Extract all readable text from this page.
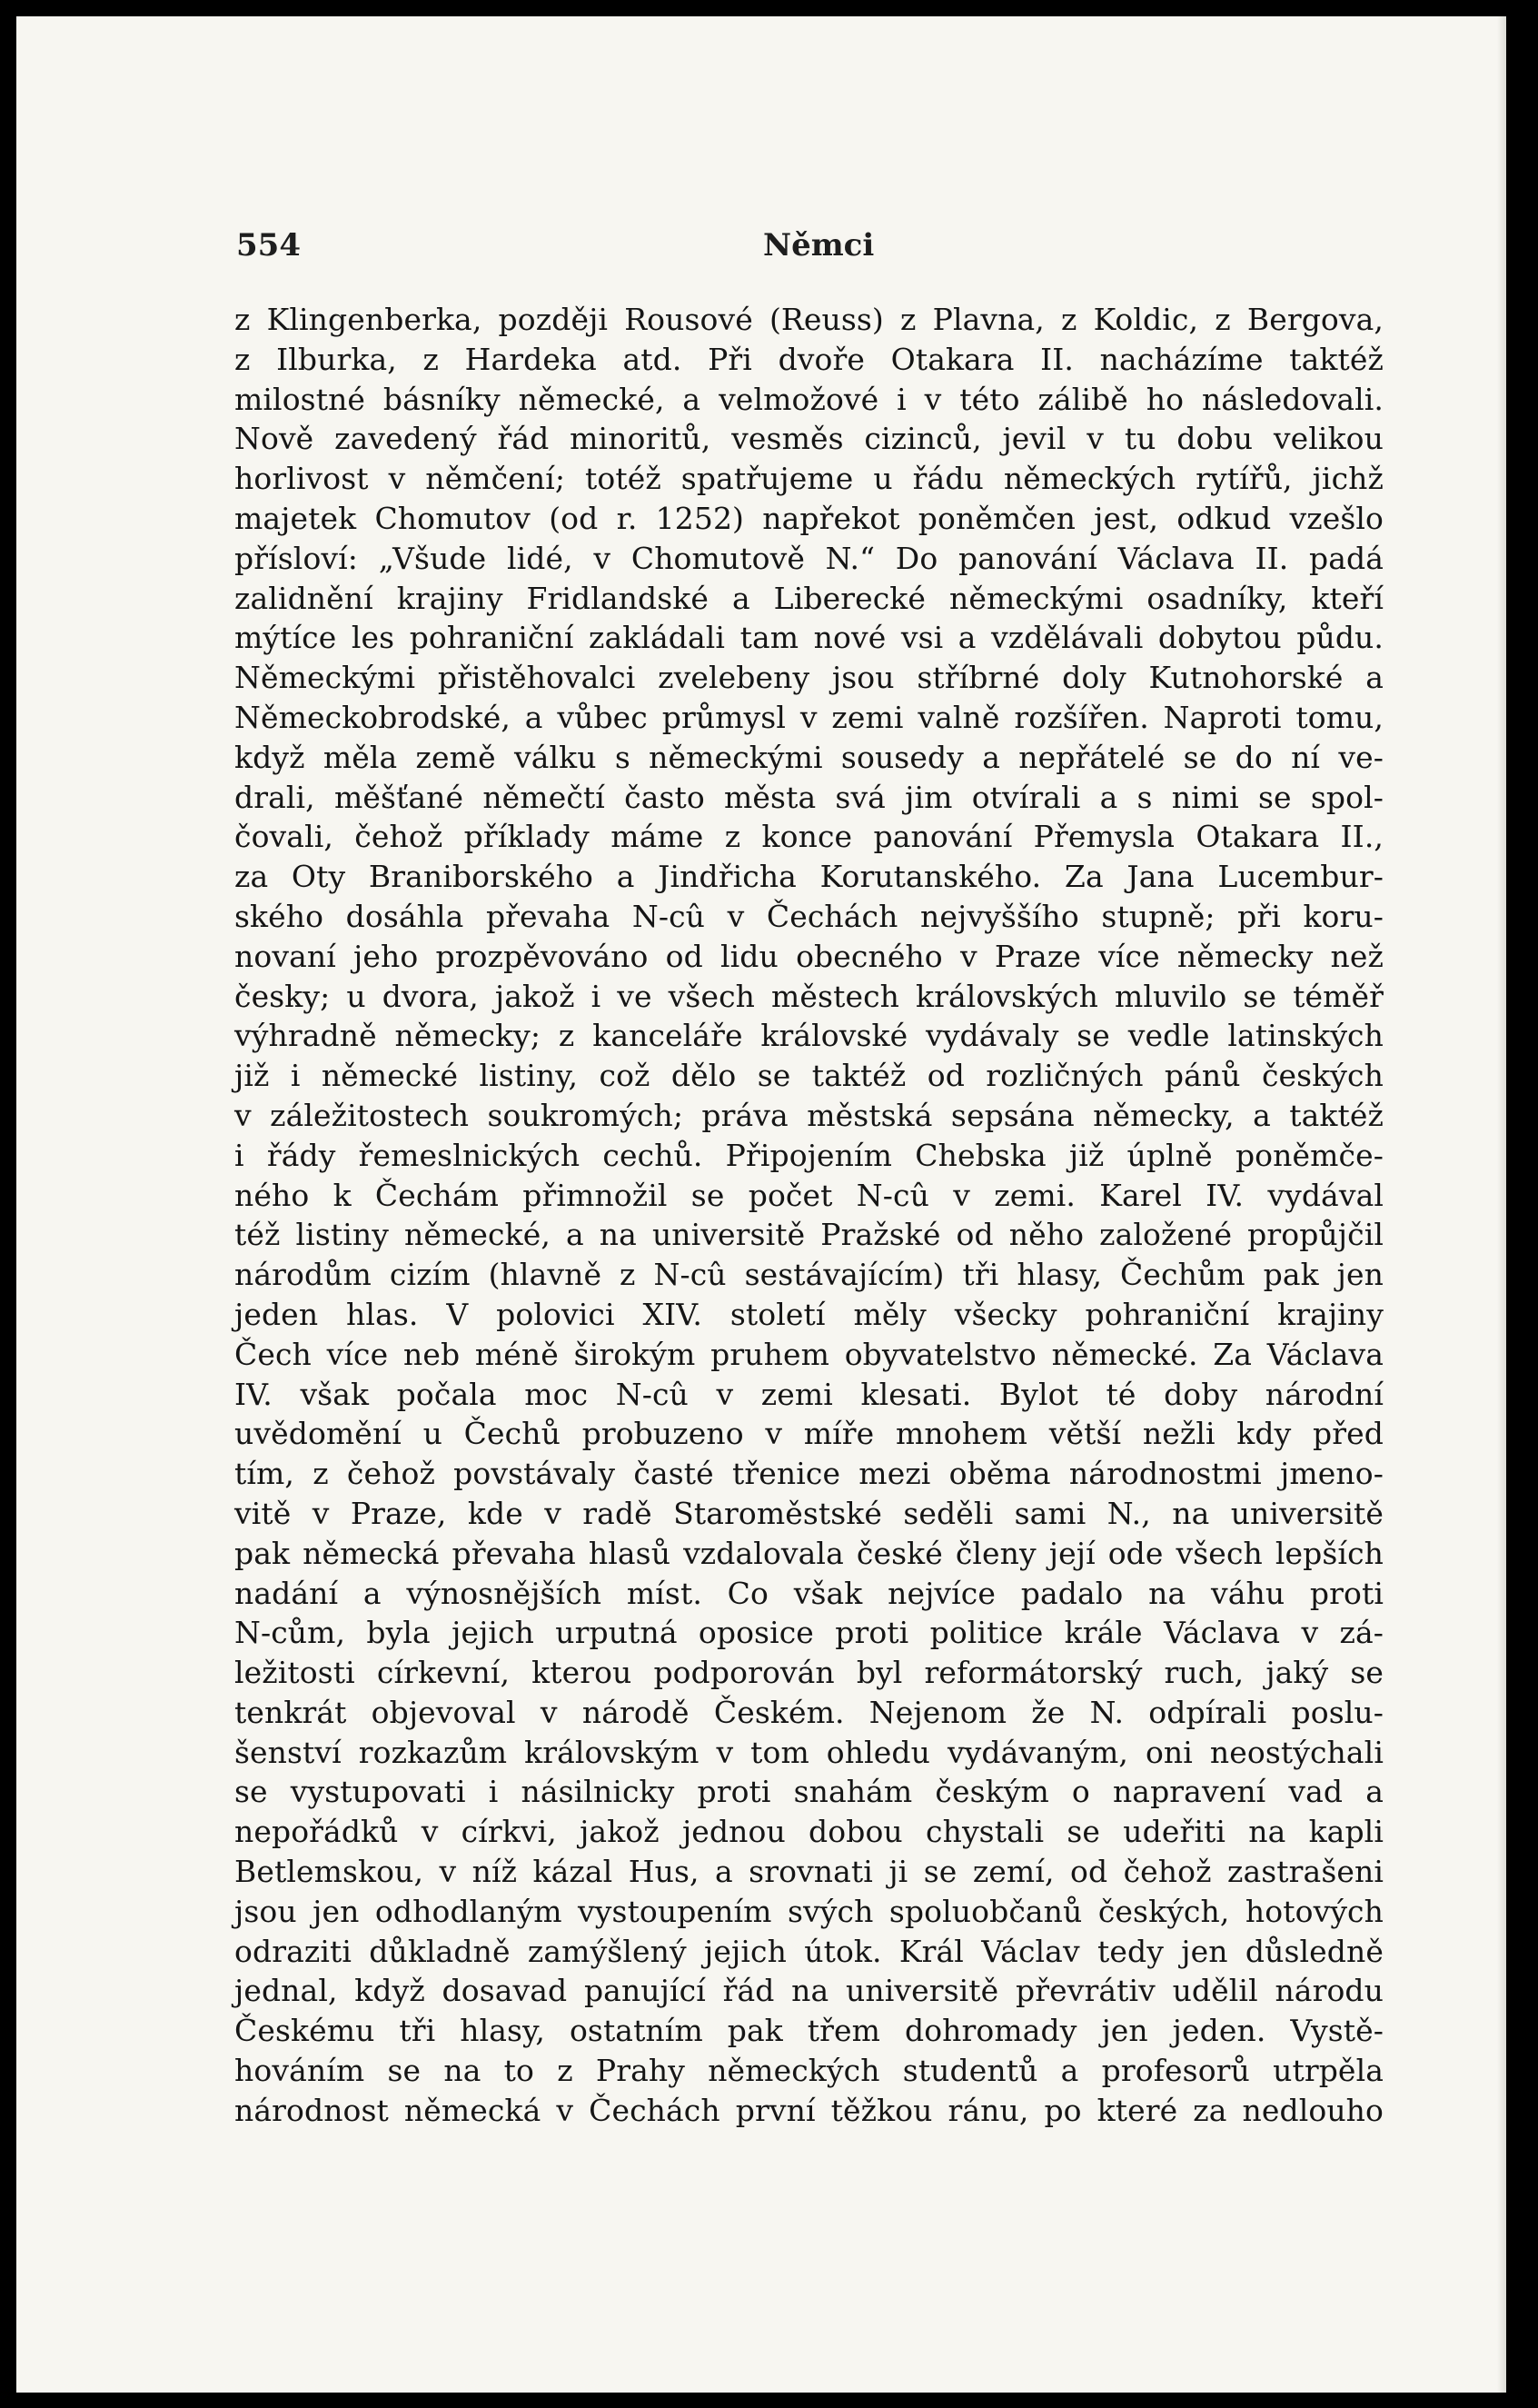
554	Němci
z Klingenberka, později Rousové (Reuss) z Plavna, z Koldic, z Bergova,
z Ilburka, z Hardeka atd. Při dvoře Otakara II. nacházíme taktéž
milostné básníky německé, a velmožové i v této zálibě ho následovali.
Nově zavedený řád minoritů, vesměs cizinců, jevil v tu dobu velikou
horlivost v němčení; totéž spatřujeme u řádu německých rytířů, jichž
majetek Chomutov (od r. 1252) napřekot poněmčen jest, odkud vzešlo
přísloví: „Všude lidé, v Chomutově N.“ Do panování Václava II. padá
zalidnění krajiny Fridlandské a Liberecké německými osadníky, kteří
mýtíce les pohraniční zakládali tam nové vsi a vzdělávali dobytou půdu.
Německými přistěhovalci zvelebeny jsou stříbrné doly Kutnohorské a
Německobrodské, a vůbec průmysl v zemi valně rozšířen. Naproti tomu,
když měla země válku s německými sousedy a nepřátelé se do ní ve-
drali, měšťané němečtí často města svá jim otvírali a s nimi se spol-
čovali, čehož příklady máme z konce panování Přemysla Otakara II.,
za Oty Braniborského a Jindřicha Korutanského. Za Jana Lucembur-
ského dosáhla převaha N-cû v Čechách nejvyššího stupně; při koru-
novaní jeho prozpěvováno od lidu obecného v Praze více německy než
česky; u dvora, jakož i ve všech městech královských mluvilo se téměř
výhradně německy; z kanceláře královské vydávaly se vedle latinských
již i německé listiny, což dělo se taktéž od rozličných pánů českých
v záležitostech soukromých; práva městská sepsána německy, a taktéž
i řády řemeslnických cechů. Připojením Chebska již úplně poněmče-
ného k Čechám přimnožil se počet N-cû v zemi. Karel IV. vydával
též listiny německé, a na universitě Pražské od něho založené propůjčil
národům cizím (hlavně z N-cû sestávajícím) tři hlasy, Čechům pak jen
jeden hlas. V polovici XIV. století měly všecky pohraniční krajiny
Čech více neb méně širokým pruhem obyvatelstvo německé. Za Václava
IV. však počala moc N-cû v zemi klesati. Bylot té doby národní
uvědomění u Čechů probuzeno v míře mnohem větší nežli kdy před
tím, z čehož povstávaly časté třenice mezi oběma národnostmi jmeno-
vitě v Praze, kde v radě Staroměstské seděli sami N., na universitě
pak německá převaha hlasů vzdalovala české členy její ode všech lepších
nadání a výnosnějších míst. Co však nejvíce padalo na váhu proti
N-cům, byla jejich urputná oposice proti politice krále Václava v zá-
ležitosti církevní, kterou podporován byl reformátorský ruch, jaký se
tenkrát objevoval v národě Českém. Nejenom že N. odpírali poslu-
šenství rozkazům královským v tom ohledu vydávaným, oni neostýchali
se vystupovati i násilnicky proti snahám českým o napravení vad a
nepořádků v církvi, jakož jednou dobou chystali se udeřiti na kapli
Betlemskou, v níž kázal Hus, a srovnati ji se zemí, od čehož zastrašeni
jsou jen odhodlaným vystoupením svých spoluobčanů českých, hotových
odraziti důkladně zamýšlený jejich útok. Král Václav tedy jen důsledně
jednal, když dosavad panující řád na universitě převrátiv udělil národu
Českému tři hlasy, ostatním pak třem dohromady jen jeden. Vystě-
hováním se na to z Prahy německých studentů a profesorů utrpěla
národnost německá v Čechách první těžkou ránu, po které za nedlouho
